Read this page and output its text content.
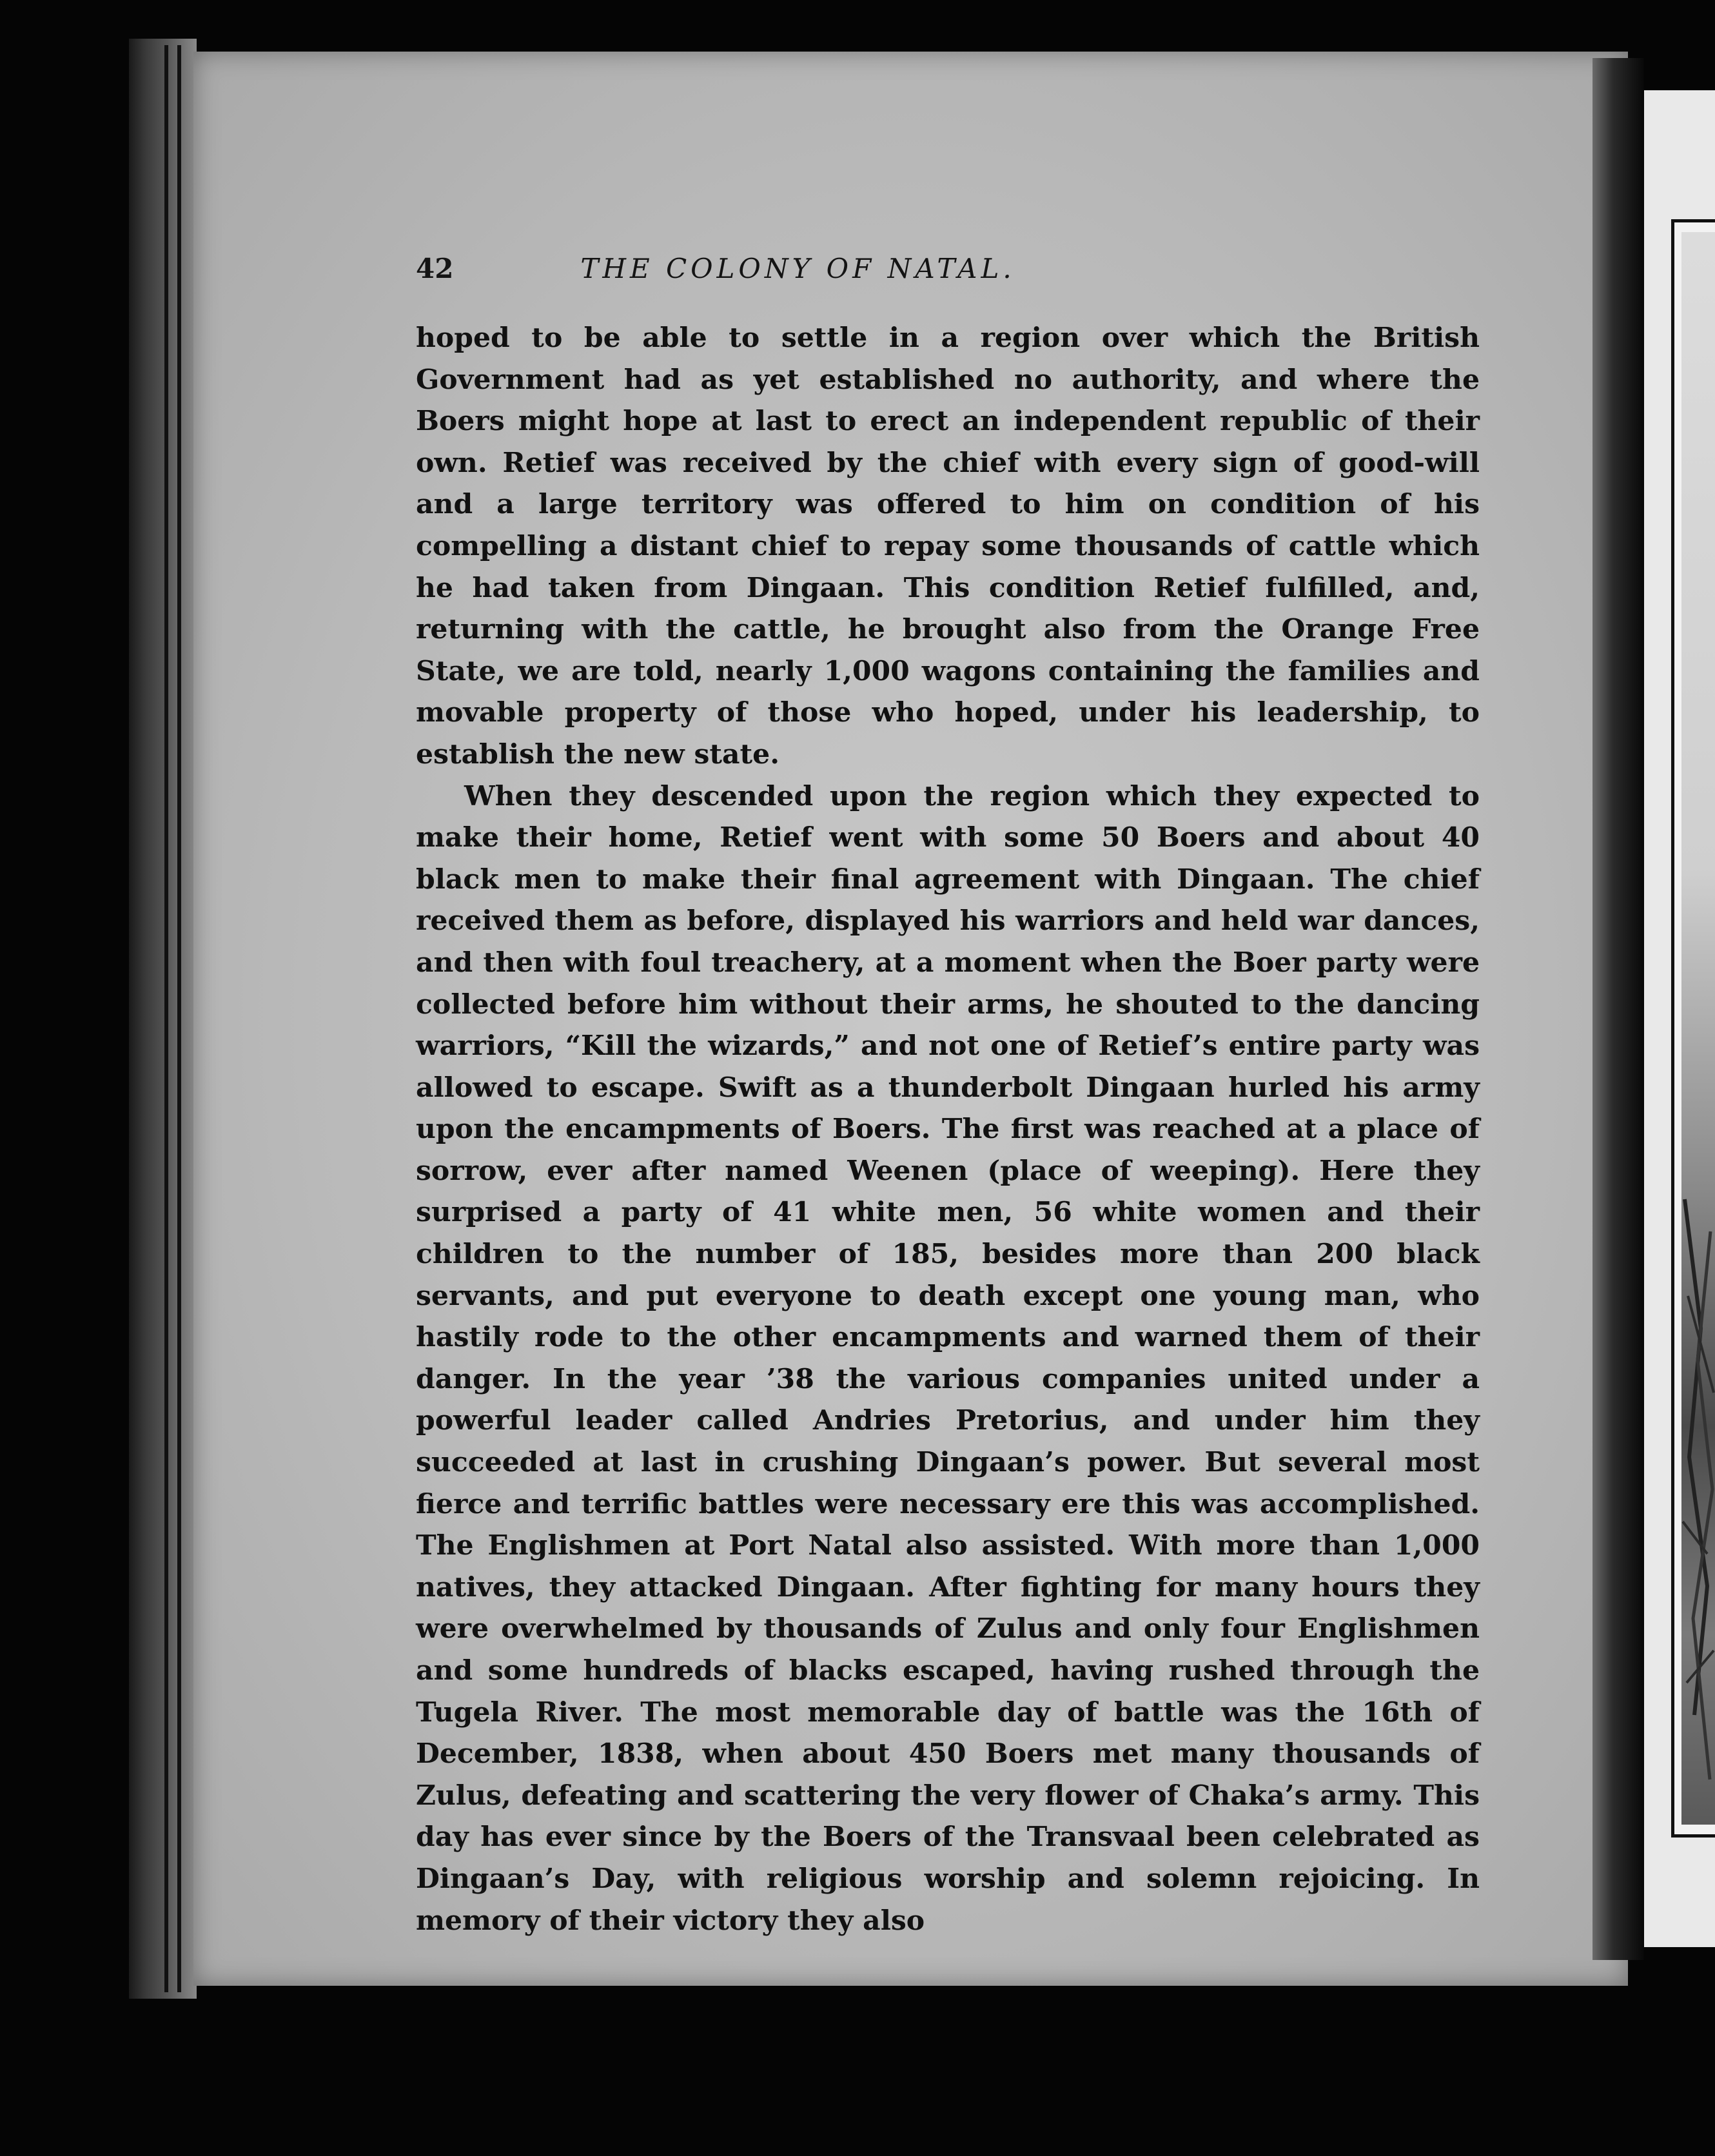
42	THE COLONY OF NATAL.

hoped to be able to settle in a region over which the British Government had as yet established no authority, and where the Boers might hope at last to erect an independent republic of their own. Retief was received by the chief with every sign of good-will and a large territory was offered to him on condition of his compelling a distant chief to repay some thousands of cattle which he had taken from Dingaan. This condition Retief fulfilled, and, returning with the cattle, he brought also from the Orange Free State, we are told, nearly 1,000 wagons containing the families and movable property of those who hoped, under his leadership, to establish the new state.

When they descended upon the region which they expected to make their home, Retief went with some 50 Boers and about 40 black men to make their final agreement with Dingaan. The chief received them as before, displayed his warriors and held war dances, and then with foul treachery, at a moment when the Boer party were collected before him without their arms, he shouted to the dancing warriors, “Kill the wizards,” and not one of Retief’s entire party was allowed to escape. Swift as a thunderbolt Dingaan hurled his army upon the encampments of Boers. The first was reached at a place of sorrow, ever after named Weenen (place of weeping). Here they surprised a party of 41 white men, 56 white women and their children to the number of 185, besides more than 200 black servants, and put everyone to death except one young man, who hastily rode to the other encampments and warned them of their danger. In the year ’38 the various companies united under a powerful leader called Andries Pretorius, and under him they succeeded at last in crushing Dingaan’s power. But several most fierce and terrific battles were necessary ere this was accomplished. The Englishmen at Port Natal also assisted. With more than 1,000 natives, they attacked Dingaan. After fighting for many hours they were overwhelmed by thousands of Zulus and only four Englishmen and some hundreds of blacks escaped, having rushed through the Tugela River. The most memorable day of battle was the 16th of December, 1838, when about 450 Boers met many thousands of Zulus, defeating and scattering the very flower of Chaka’s army. This day has ever since by the Boers of the Transvaal been celebrated as Dingaan’s Day, with religious worship and solemn rejoicing. In memory of their victory they also
